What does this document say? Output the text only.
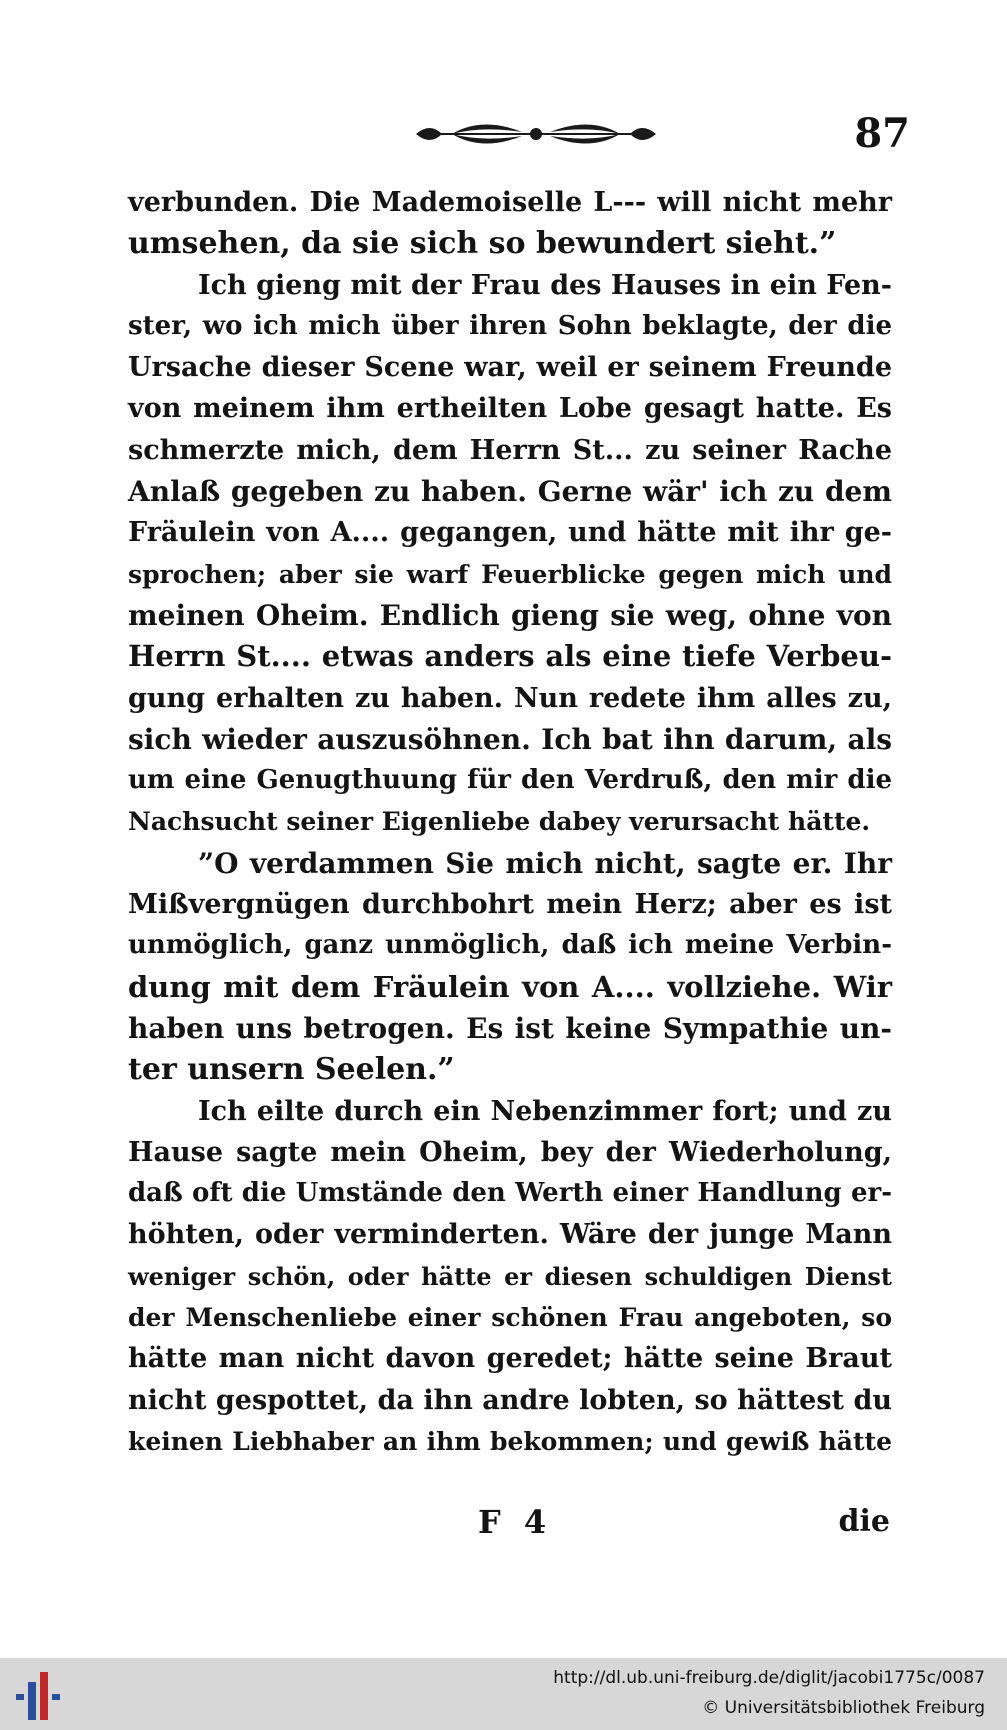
87
verbunden. Die Mademoiselle L--- will nicht mehr
umsehen, da sie sich so bewundert sieht.”
Ich gieng mit der Frau des Hauses in ein Fen-
ster, wo ich mich über ihren Sohn beklagte, der die
Ursache dieser Scene war, weil er seinem Freunde
von meinem ihm ertheilten Lobe gesagt hatte. Es
schmerzte mich, dem Herrn St... zu seiner Rache
Anlaß gegeben zu haben. Gerne wär' ich zu dem
Fräulein von A.... gegangen, und hätte mit ihr ge-
sprochen; aber sie warf Feuerblicke gegen mich und
meinen Oheim. Endlich gieng sie weg, ohne von
Herrn St.... etwas anders als eine tiefe Verbeu-
gung erhalten zu haben. Nun redete ihm alles zu,
sich wieder auszusöhnen. Ich bat ihn darum, als
um eine Genugthuung für den Verdruß, den mir die
Nachsucht seiner Eigenliebe dabey verursacht hätte.
”O verdammen Sie mich nicht, sagte er. Ihr
Mißvergnügen durchbohrt mein Herz; aber es ist
unmöglich, ganz unmöglich, daß ich meine Verbin-
dung mit dem Fräulein von A.... vollziehe. Wir
haben uns betrogen. Es ist keine Sympathie un-
ter unsern Seelen.”
Ich eilte durch ein Nebenzimmer fort; und zu
Hause sagte mein Oheim, bey der Wiederholung,
daß oft die Umstände den Werth einer Handlung er-
höhten, oder verminderten. Wäre der junge Mann
weniger schön, oder hätte er diesen schuldigen Dienst
der Menschenliebe einer schönen Frau angeboten, so
hätte man nicht davon geredet; hätte seine Braut
nicht gespottet, da ihn andre lobten, so hättest du
keinen Liebhaber an ihm bekommen; und gewiß hätte
F 4	die
http://dl.ub.uni-freiburg.de/diglit/jacobi1775c/0087
© Universitätsbibliothek Freiburg
